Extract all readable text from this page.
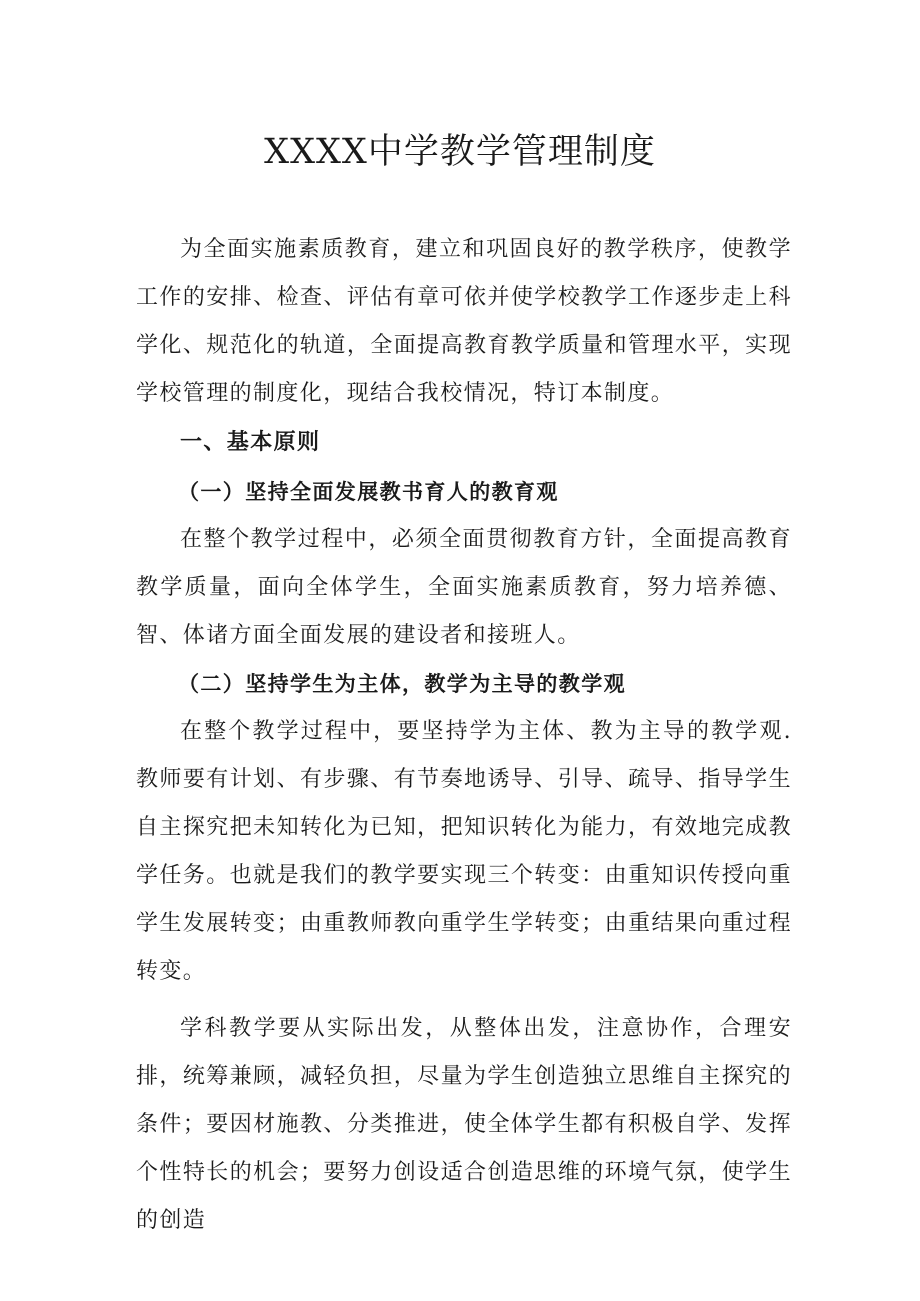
XXXX中学教学管理制度

为全面实施素质教育，建立和巩固良好的教学秩序，使教学工作的安排、检查、评估有章可依并使学校教学工作逐步走上科学化、规范化的轨道，全面提高教育教学质量和管理水平，实现学校管理的制度化，现结合我校情况，特订本制度。

一、基本原则
（一）坚持全面发展教书育人的教育观

在整个教学过程中，必须全面贯彻教育方针，全面提高教育教学质量，面向全体学生，全面实施素质教育，努力培养德、智、体诸方面全面发展的建设者和接班人。

（二）坚持学生为主体，教学为主导的教学观

在整个教学过程中，要坚持学为主体、教为主导的教学观.教师要有计划、有步骤、有节奏地诱导、引导、疏导、指导学生自主探究把未知转化为已知，把知识转化为能力，有效地完成教学任务。也就是我们的教学要实现三个转变：由重知识传授向重学生发展转变；由重教师教向重学生学转变；由重结果向重过程转变。

学科教学要从实际出发，从整体出发，注意协作，合理安排，统筹兼顾，减轻负担，尽量为学生创造独立思维自主探究的条件；要因材施教、分类推进，使全体学生都有积极自学、发挥个性特长的机会；要努力创设适合创造思维的环境气氛，使学生的创造
